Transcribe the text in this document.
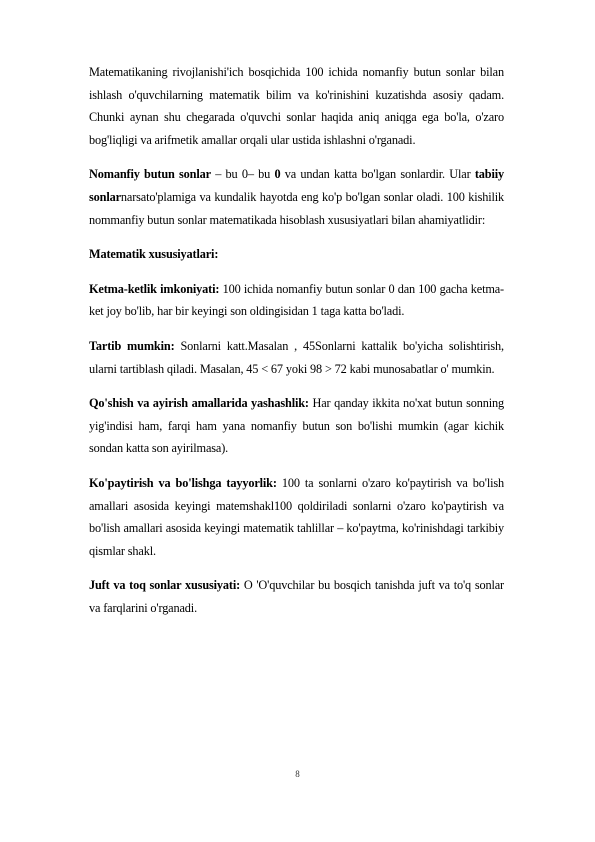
Matematikaning rivojlanishi'ich bosqichida 100 ichida nomanfiy butun sonlar bilan ishlash o'quvchilarning matematik bilim va ko'rinishini kuzatishda asosiy qadam. Chunki aynan shu chegarada o'quvchi sonlar haqida aniq aniqga ega bo'la, o'zaro bog'liqligi va arifmetik amallar orqali ular ustida ishlashni o'rganadi.

Nomanfiy butun sonlar – bu 0– bu 0 va undan katta bo'lgan sonlardir. Ular tabiiy sonlarnarsato'plamiga va kundalik hayotda eng ko'p bo'lgan sonlar oladi. 100 kishilik nommanfiy butun sonlar matematikada hisoblash xususiyatlari bilan ahamiyatlidir:

Matematik xususiyatlari:

Ketma-ketlik imkoniyati: 100 ichida nomanfiy butun sonlar 0 dan 100 gacha ketma-ket joy bo'lib, har bir keyingi son oldingisidan 1 taga katta bo'ladi.

Tartib mumkin: Sonlarni katt.Masalan , 45Sonlarni kattalik bo'yicha solishtirish, ularni tartiblash qiladi. Masalan, 45 < 67 yoki 98 > 72 kabi munosabatlar o' mumkin.

Qo'shish va ayirish amallarida yashashlik: Har qanday ikkita no'xat butun sonning yig'indisi ham, farqi ham yana nomanfiy butun son bo'lishi mumkin (agar kichik sondan katta son ayirilmasa).

Ko'paytirish va bo'lishga tayyorlik: 100 ta sonlarni o'zaro ko'paytirish va bo'lish amallari asosida keyingi matemshakl100 qoldiriladi sonlarni o'zaro ko'paytirish va bo'lish amallari asosida keyingi matematik tahlillar – ko'paytma, ko'rinishdagi tarkibiy qismlar shakl.

Juft va toq sonlar xususiyati: O 'O'quvchilar bu bosqich tanishda juft va to'q sonlar va farqlarini o'rganadi.

8
